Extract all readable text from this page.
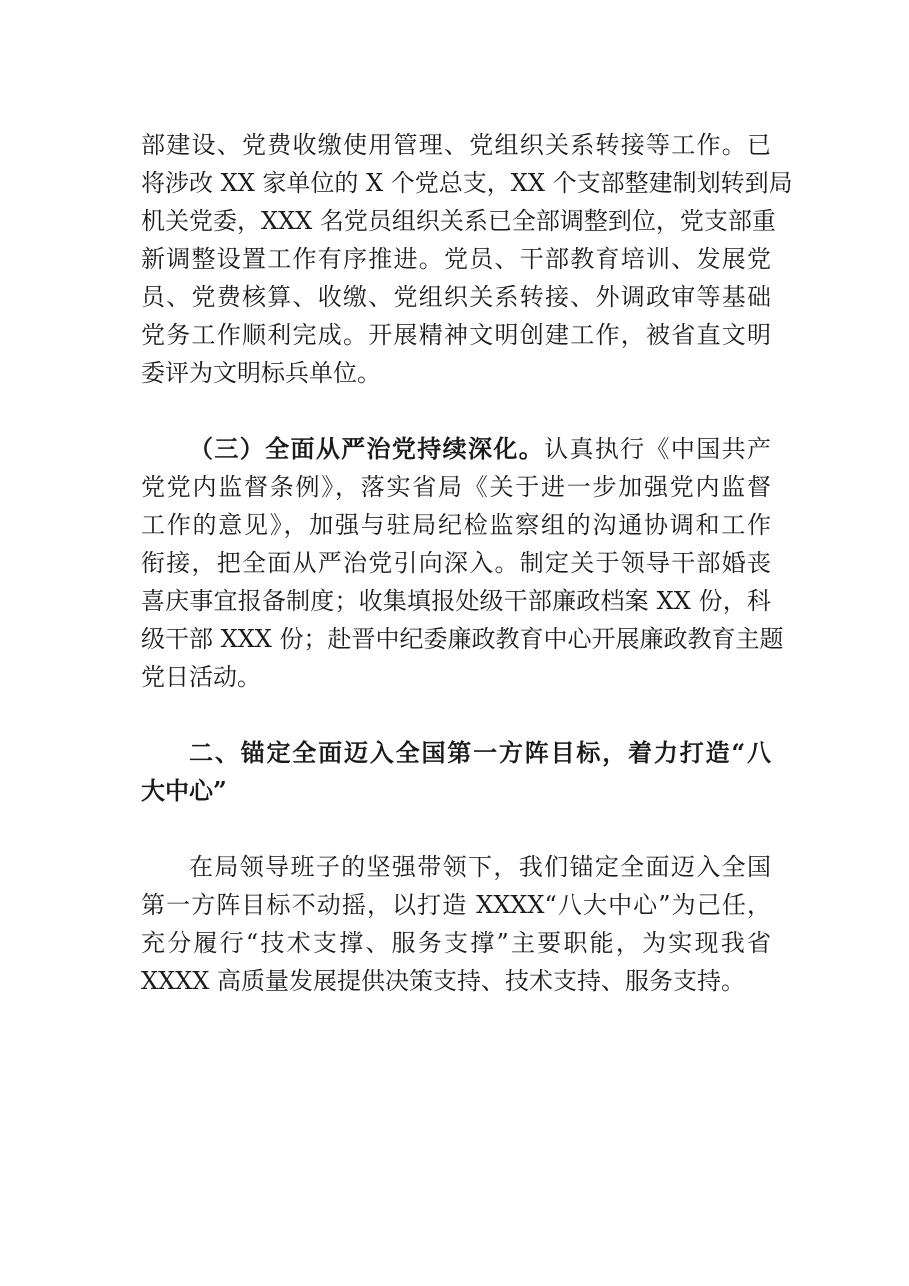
部建设、党费收缴使用管理、党组织关系转接等工作。已
将涉改 XX 家单位的 X 个党总支，XX 个支部整建制划转到局
机关党委，XXX 名党员组织关系已全部调整到位，党支部重
新调整设置工作有序推进。党员、干部教育培训、发展党
员、党费核算、收缴、党组织关系转接、外调政审等基础
党务工作顺利完成。开展精神文明创建工作，被省直文明
委评为文明标兵单位。
（三）全面从严治党持续深化。认真执行《中国共产
党党内监督条例》，落实省局《关于进一步加强党内监督
工作的意见》，加强与驻局纪检监察组的沟通协调和工作
衔接，把全面从严治党引向深入。制定关于领导干部婚丧
喜庆事宜报备制度；收集填报处级干部廉政档案 XX 份，科
级干部 XXX 份；赴晋中纪委廉政教育中心开展廉政教育主题
党日活动。
二、锚定全面迈入全国第一方阵目标，着力打造“八
大中心”
在局领导班子的坚强带领下，我们锚定全面迈入全国
第一方阵目标不动摇，以打造 XXXX“八大中心”为己任，
充分履行“技术支撑、服务支撑”主要职能，为实现我省
XXXX 高质量发展提供决策支持、技术支持、服务支持。
